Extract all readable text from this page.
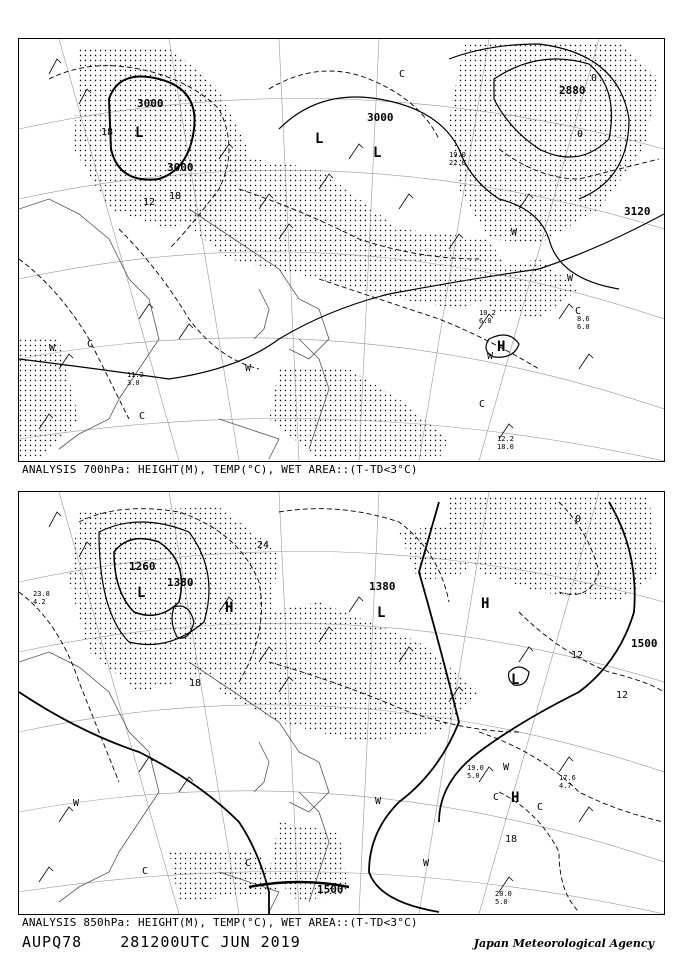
3000
3000
3000
2880
3120
L	L
L
H
C
C
C
C
C
W
W
W
W
W
18
18
12
0
0
10.2
6.0
12.2
18.0
8.6
6.0
11.2
3.0
19.0
22.0
ANALYSIS 700hPa: HEIGHT(M), TEMP(°C), WET AREA::(T-TD<3°C)
1260
1380	1380
1500
1500
L
L
L
H	H
H
C
C
C
C
W
W
W
W
24
18
12
12
18
0
19.0
5.0
20.0
5.0
17.6
4.7
23.8
4.2
ANALYSIS 850hPa: HEIGHT(M), TEMP(°C), WET AREA::(T-TD<3°C)
AUPQ78	281200UTC JUN 2019	Japan Meteorological Agency
